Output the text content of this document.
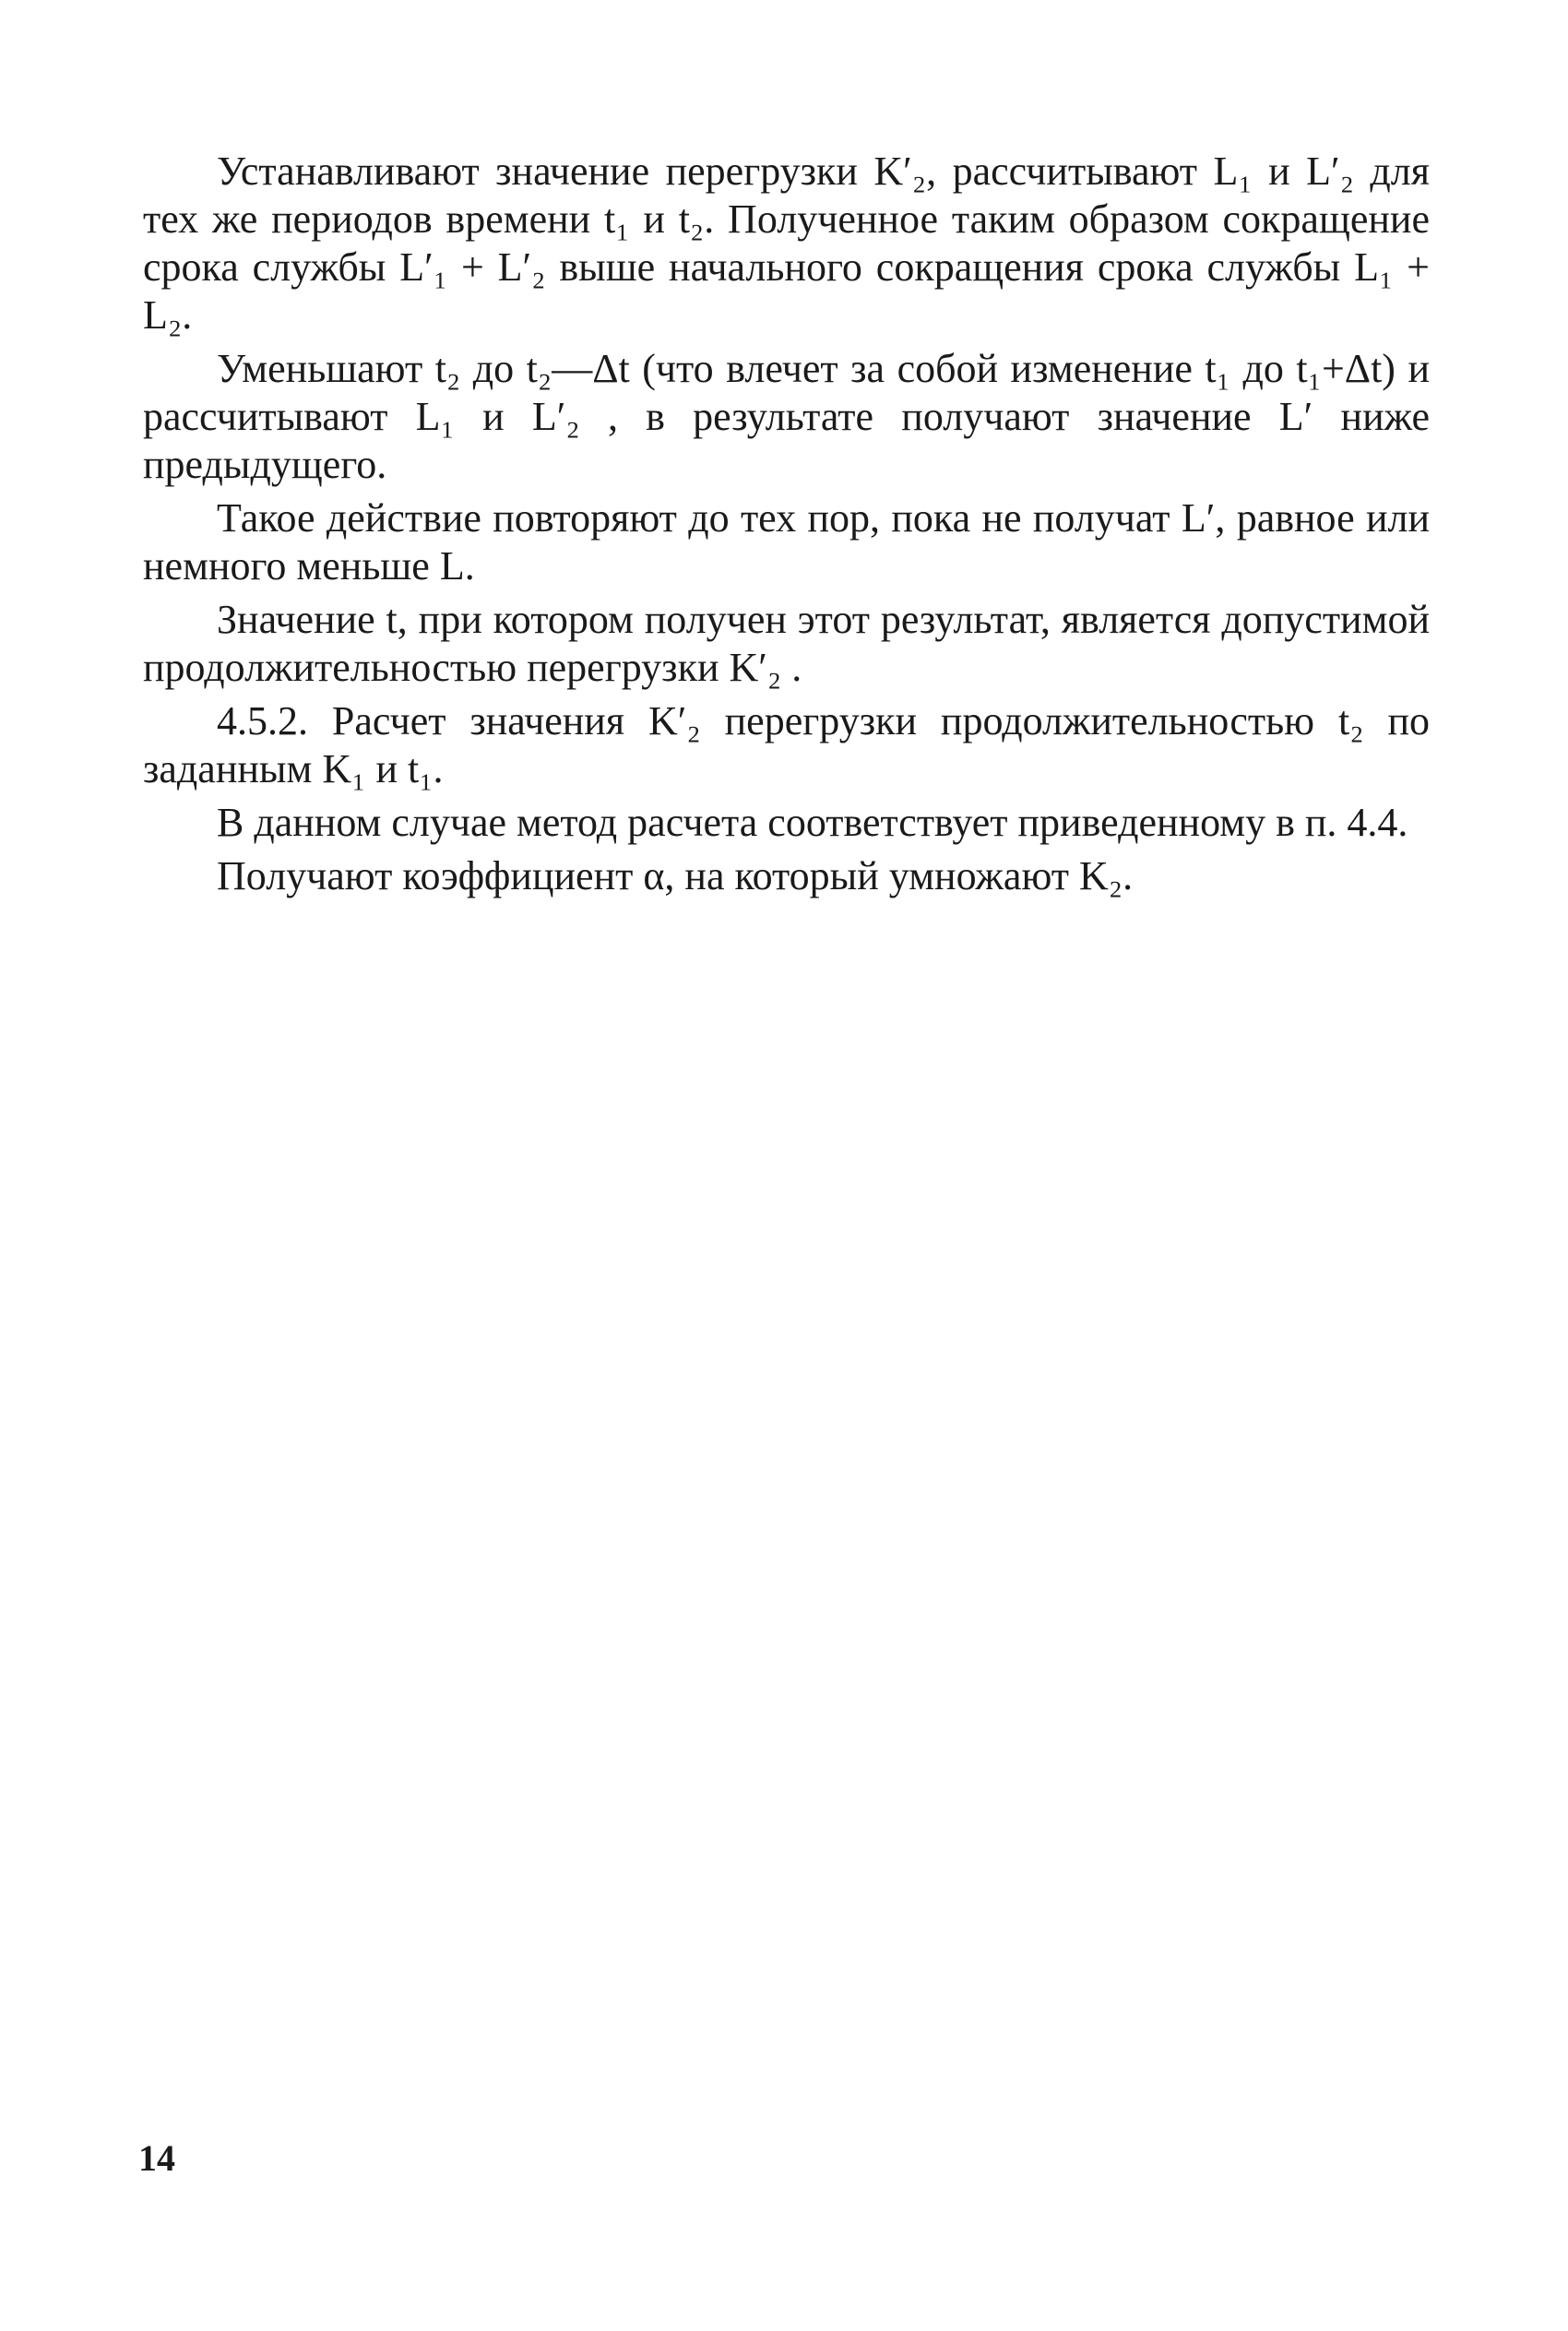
Устанавливают значение перегрузки K′₂, рассчитывают L₁ и L′₂ для тех же периодов времени t₁ и t₂. Полученное таким образом сокращение срока службы L′₁ + L′₂ выше начального сокращения срока службы L₁ + L₂.

Уменьшают t₂ до t₂—Δt (что влечет за собой изменение t₁ до t₁+Δt) и рассчитывают L₁ и L′₂ , в результате получают значение L′ ниже предыдущего.

Такое действие повторяют до тех пор, пока не получат L′, равное или немного меньше L.

Значение t, при котором получен этот результат, является допустимой продолжительностью перегрузки K′₂ .

4.5.2. Расчет значения K′₂ перегрузки продолжительностью t₂ по заданным K₁ и t₁.

В данном случае метод расчета соответствует приведенному в п. 4.4.

Получают коэффициент α, на который умножают K₂.

14
